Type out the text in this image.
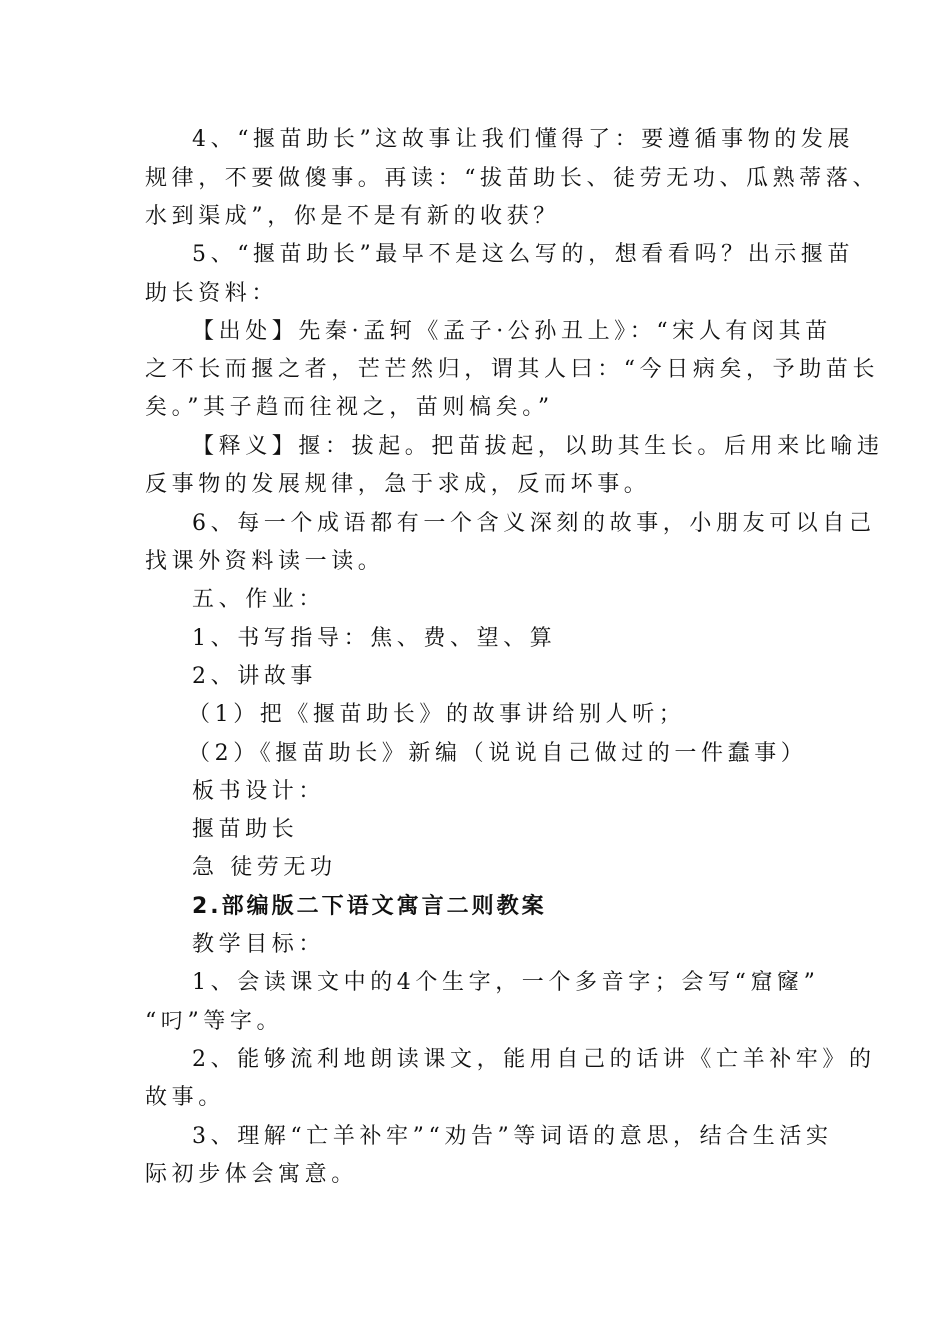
4、“揠苗助长”这故事让我们懂得了：要遵循事物的发展
规律，不要做傻事。再读：“拔苗助长、徒劳无功、瓜熟蒂落、
水到渠成”，你是不是有新的收获？
5、“揠苗助长”最早不是这么写的，想看看吗？出示揠苗
助长资料：
【出处】先秦·孟轲《孟子·公孙丑上》：“宋人有闵其苗
之不长而揠之者，芒芒然归，谓其人曰：“今日病矣，予助苗长
矣。”其子趋而往视之，苗则槁矣。”
【释义】揠：拔起。把苗拔起，以助其生长。后用来比喻违
反事物的发展规律，急于求成，反而坏事。
6、每一个成语都有一个含义深刻的故事，小朋友可以自己
找课外资料读一读。
五、作业：
1、书写指导：焦、费、望、算
2、讲故事
（1）把《揠苗助长》的故事讲给别人听；
（2）《揠苗助长》新编（说说自己做过的一件蠢事）
板书设计：
揠苗助长
急 徒劳无功
2.部编版二下语文寓言二则教案
教学目标：
1、会读课文中的4个生字，一个多音字；会写“窟窿”
“叼”等字。
2、能够流利地朗读课文，能用自己的话讲《亡羊补牢》的
故事。
3、理解“亡羊补牢”“劝告”等词语的意思，结合生活实
际初步体会寓意。
